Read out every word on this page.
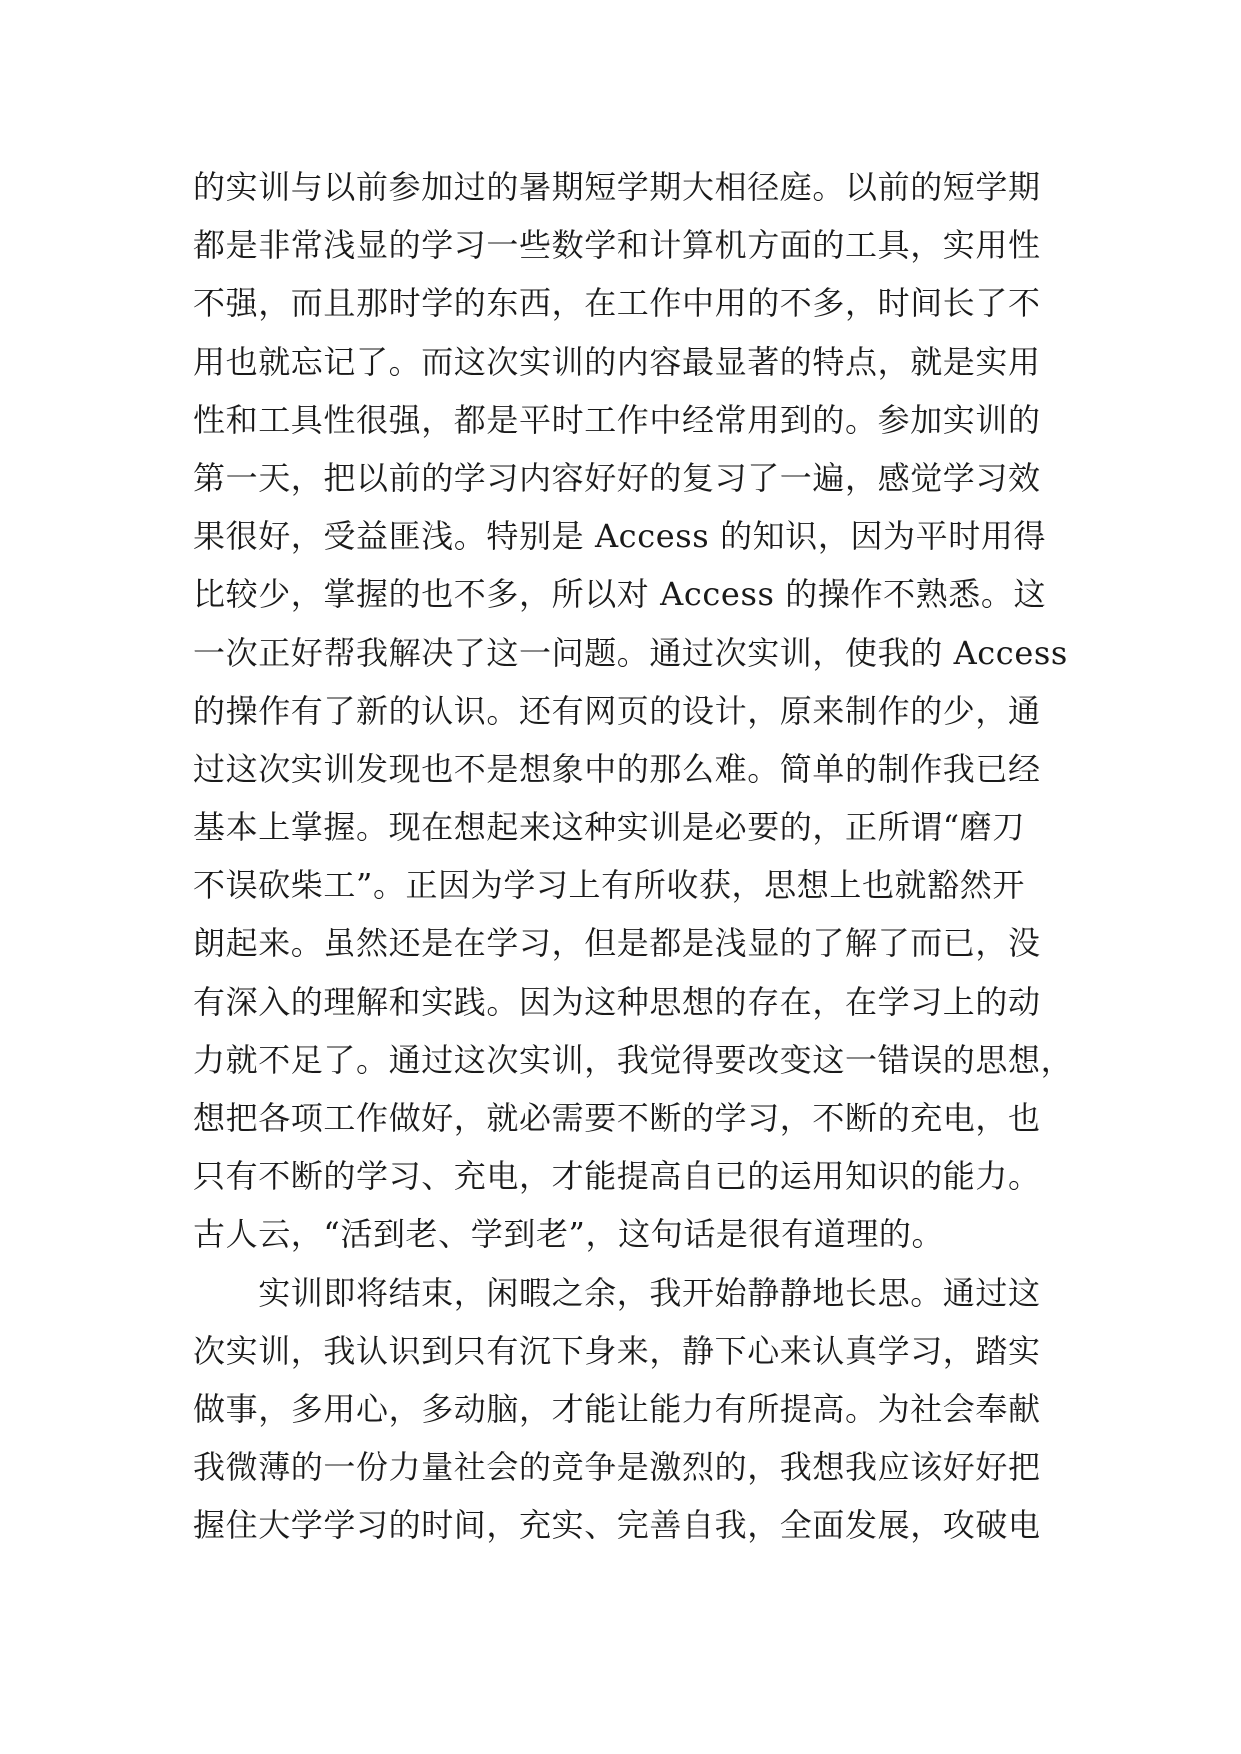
的实训与以前参加过的暑期短学期大相径庭。以前的短学期
都是非常浅显的学习一些数学和计算机方面的工具，实用性
不强，而且那时学的东西，在工作中用的不多，时间长了不
用也就忘记了。而这次实训的内容最显著的特点，就是实用
性和工具性很强，都是平时工作中经常用到的。参加实训的
第一天，把以前的学习内容好好的复习了一遍，感觉学习效
果很好，受益匪浅。特别是 Access 的知识，因为平时用得
比较少，掌握的也不多，所以对 Access 的操作不熟悉。这
一次正好帮我解决了这一问题。通过次实训，使我的 Access
的操作有了新的认识。还有网页的设计，原来制作的少，通
过这次实训发现也不是想象中的那么难。简单的制作我已经
基本上掌握。现在想起来这种实训是必要的，正所谓“磨刀
不误砍柴工”。正因为学习上有所收获，思想上也就豁然开
朗起来。虽然还是在学习，但是都是浅显的了解了而已，没
有深入的理解和实践。因为这种思想的存在，在学习上的动
力就不足了。通过这次实训，我觉得要改变这一错误的思想，
想把各项工作做好，就必需要不断的学习，不断的充电，也
只有不断的学习、充电，才能提高自已的运用知识的能力。
古人云，“活到老、学到老”，这句话是很有道理的。
　　实训即将结束，闲暇之余，我开始静静地长思。通过这
次实训，我认识到只有沉下身来，静下心来认真学习，踏实
做事，多用心，多动脑，才能让能力有所提高。为社会奉献
我微薄的一份力量社会的竞争是激烈的，我想我应该好好把
握住大学学习的时间，充实、完善自我，全面发展，攻破电
